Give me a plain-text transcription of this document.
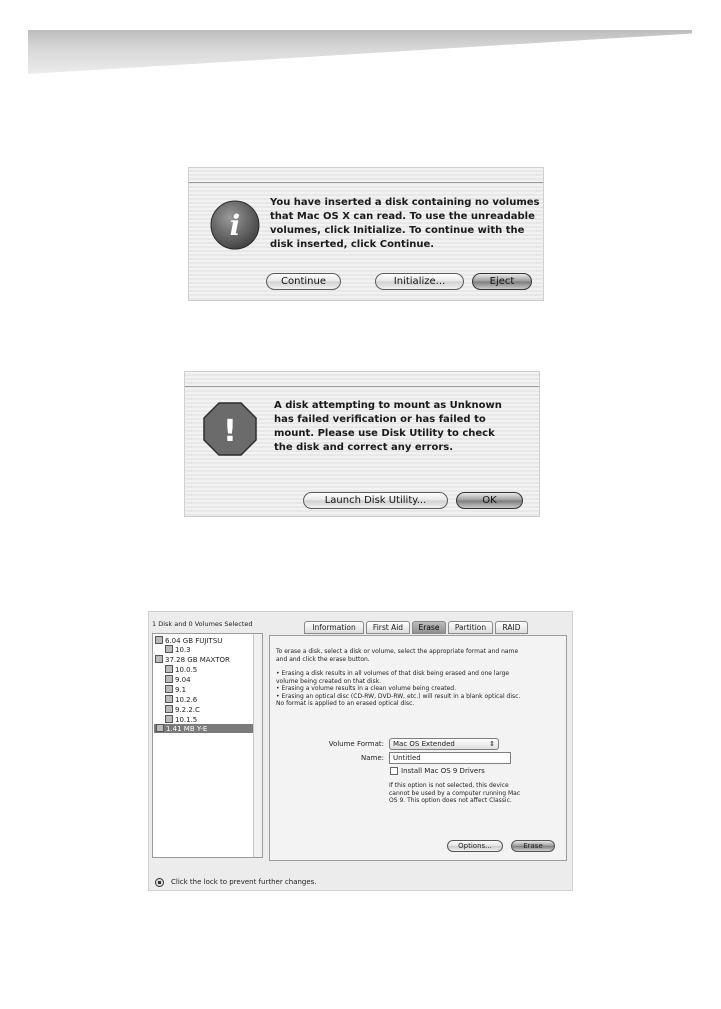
i
You have inserted a disk containing no volumes
that Mac OS X can read. To use the unreadable
volumes, click Initialize. To continue with the
disk inserted, click Continue.
Continue	Initialize...	Eject
!
A disk attempting to mount as Unknown
has failed verification or has failed to
mount. Please use Disk Utility to check
the disk and correct any errors.
Launch Disk Utility...	OK
1 Disk and 0 Volumes Selected
6.04 GB FUJITSU
10.3
37.28 GB MAXTOR
10.0.5
9.04
9.1
10.2.6
9.2.2.C
10.1.5
1.41 MB Y-E
Information	First Aid	Erase	Partition	RAID
To erase a disk, select a disk or volume, select the appropriate format and name
and and click the erase button.
• Erasing a disk results in all volumes of that disk being erased and one large
volume being created on that disk.
• Erasing a volume results in a clean volume being created.
• Erasing an optical disc (CD-RW, DVD-RW, etc.) will result in a blank optical disc.
No format is applied to an erased optical disc.
Volume Format:	Mac OS Extended	⇕
Name:	Untitled
Install Mac OS 9 Drivers
If this option is not selected, this device
cannot be used by a computer running Mac
OS 9. This option does not affect Classic.
Options...	Erase
Click the lock to prevent further changes.
